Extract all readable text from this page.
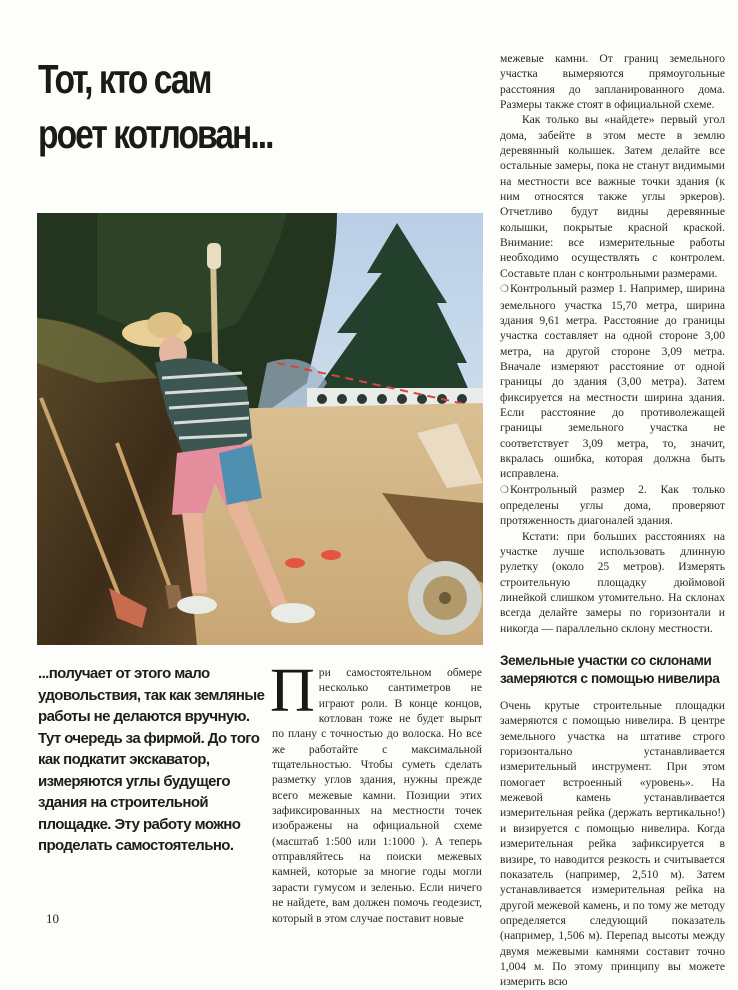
Тот, кто сам
роет котлован...
...получает от этого мало удовольствия, так как земляные работы не делаются вручную. Тут очередь за фирмой. До того как подкатит экскаватор, измеряются углы будущего здания на строительной площадке. Эту работу можно проделать самостоятельно.

При самостоятельном обмере несколько сантиметров не играют роли. В конце концов, котлован тоже не будет вырыт по плану с точностью до волоска. Но все же работайте с максимальной тщательностью. Чтобы суметь сделать разметку углов здания, нужны прежде всего межевые камни. Позиции этих зафиксированных на местности точек изображены на официальной схеме (масштаб 1:500 или 1:1000 ). А теперь отправляйтесь на поиски межевых камней, которые за многие годы могли зарасти гумусом и зеленью. Если ничего не найдете, вам должен помочь геодезист, который в этом случае поставит новые

межевые камни. От границ земельного участка вымеряются прямоугольные расстояния до запланированного дома. Размеры также стоят в официальной схеме.

Как только вы «найдете» первый угол дома, забейте в этом месте в землю деревянный колышек. Затем делайте все остальные замеры, пока не станут видимыми на местности все важные точки здания (к ним относятся также углы эркеров). Отчетливо будут видны деревянные колышки, покрытые красной краской. Внимание: все измерительные работы необходимо осуществлять с контролем. Составьте план с контрольными размерами.

❍Контрольный размер 1. Например, ширина земельного участка 15,70 метра, ширина здания 9,61 метра. Расстояние до границы участка составляет на одной стороне 3,00 метра, на другой стороне 3,09 метра. Вначале измеряют расстояние от одной границы до здания (3,00 метра). Затем фиксируется на местности ширина здания. Если расстояние до противолежащей границы земельного участка не соответствует 3,09 метра, то, значит, вкралась ошибка, которая должна быть исправлена.

❍Контрольный размер 2. Как только определены углы дома, проверяют протяженность диагоналей здания.

Кстати: при больших расстояниях на участке лучше использовать длинную рулетку (около 25 метров). Измерять строительную площадку дюймовой линейкой слишком утомительно. На склонах всегда делайте замеры по горизонтали и никогда — параллельно склону местности.

Земельные участки со склонами замеряются с помощью нивелира

Очень крутые строительные площадки замеряются с помощью нивелира. В центре земельного участка на штативе строго горизонтально устанавливается измерительный инструмент. При этом помогает встроенный «уровень». На межевой камень устанавливается измерительная рейка (держать вертикально!) и визируется с помощью нивелира. Когда измерительная рейка зафиксируется в визире, то наводится резкость и считывается показатель (например, 2,510 м). Затем устанавливается измерительная рейка на другой межевой камень, и по тому же методу определяется следующий показатель (например, 1,506 м). Перепад высоты между двумя межевыми камнями составит точно 1,004 м. По этому принципу вы можете измерить всю

10
